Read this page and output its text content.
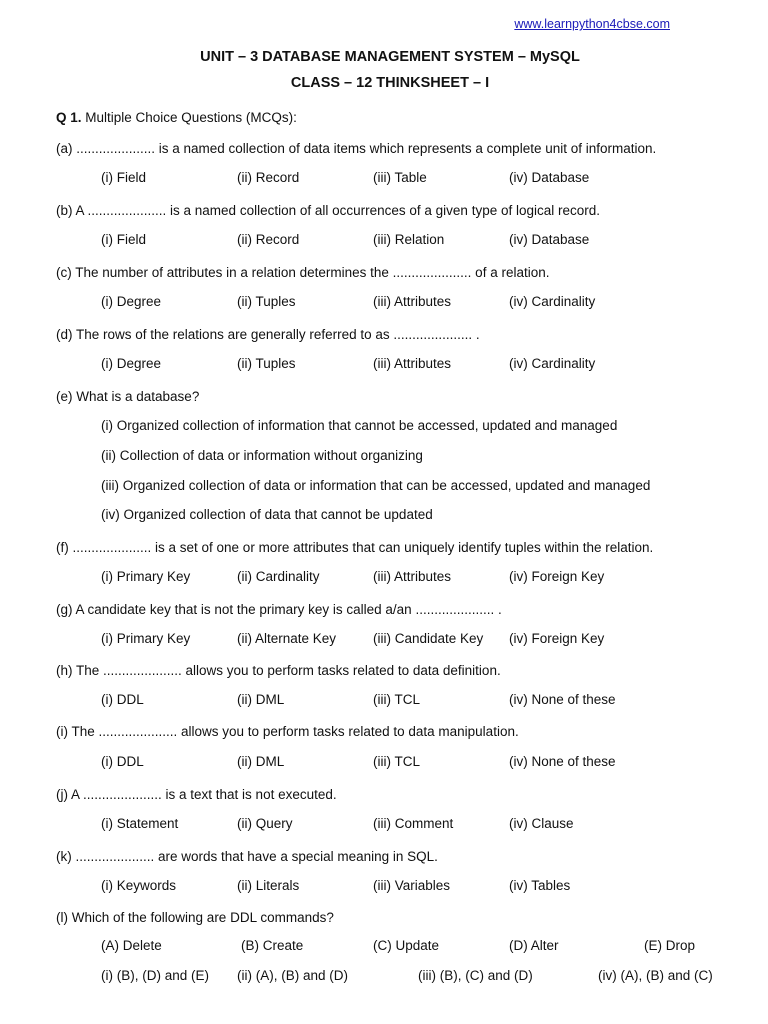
www.learnpython4cbse.com
UNIT – 3 DATABASE MANAGEMENT SYSTEM – MySQL
CLASS – 12 THINKSHEET – I
Q 1. Multiple Choice Questions (MCQs):
(a) ..................... is a named collection of data items which represents a complete unit of information.
(i) Field	(ii) Record	(iii) Table	(iv) Database
(b) A ..................... is a named collection of all occurrences of a given type of logical record.
(i) Field	(ii) Record	(iii) Relation	(iv) Database
(c) The number of attributes in a relation determines the ..................... of a relation.
(i) Degree	(ii) Tuples	(iii) Attributes	(iv) Cardinality
(d) The rows of the relations are generally referred to as ..................... .
(i) Degree	(ii) Tuples	(iii) Attributes	(iv) Cardinality
(e) What is a database?
(i) Organized collection of information that cannot be accessed, updated and managed
(ii) Collection of data or information without organizing
(iii) Organized collection of data or information that can be accessed, updated and managed
(iv) Organized collection of data that cannot be updated
(f) ..................... is a set of one or more attributes that can uniquely identify tuples within the relation.
(i) Primary Key	(ii) Cardinality	(iii) Attributes	(iv) Foreign Key
(g) A candidate key that is not the primary key is called a/an ..................... .
(i) Primary Key	(ii) Alternate Key	(iii) Candidate Key (iv) Foreign Key
(h) The ..................... allows you to perform tasks related to data definition.
(i) DDL	(ii) DML	(iii) TCL	(iv) None of these
(i) The ..................... allows you to perform tasks related to data manipulation.
(i) DDL	(ii) DML	(iii) TCL	(iv) None of these
(j) A ..................... is a text that is not executed.
(i) Statement	(ii) Query	(iii) Comment	(iv) Clause
(k) ..................... are words that have a special meaning in SQL.
(i) Keywords	(ii) Literals	(iii) Variables	(iv) Tables
(l) Which of the following are DDL commands?
(A) Delete	(B) Create	(C) Update	(D) Alter	(E) Drop
(i) (B), (D) and (E) (ii) (A), (B) and (D)	(iii) (B), (C) and (D)	(iv) (A), (B) and (C)
